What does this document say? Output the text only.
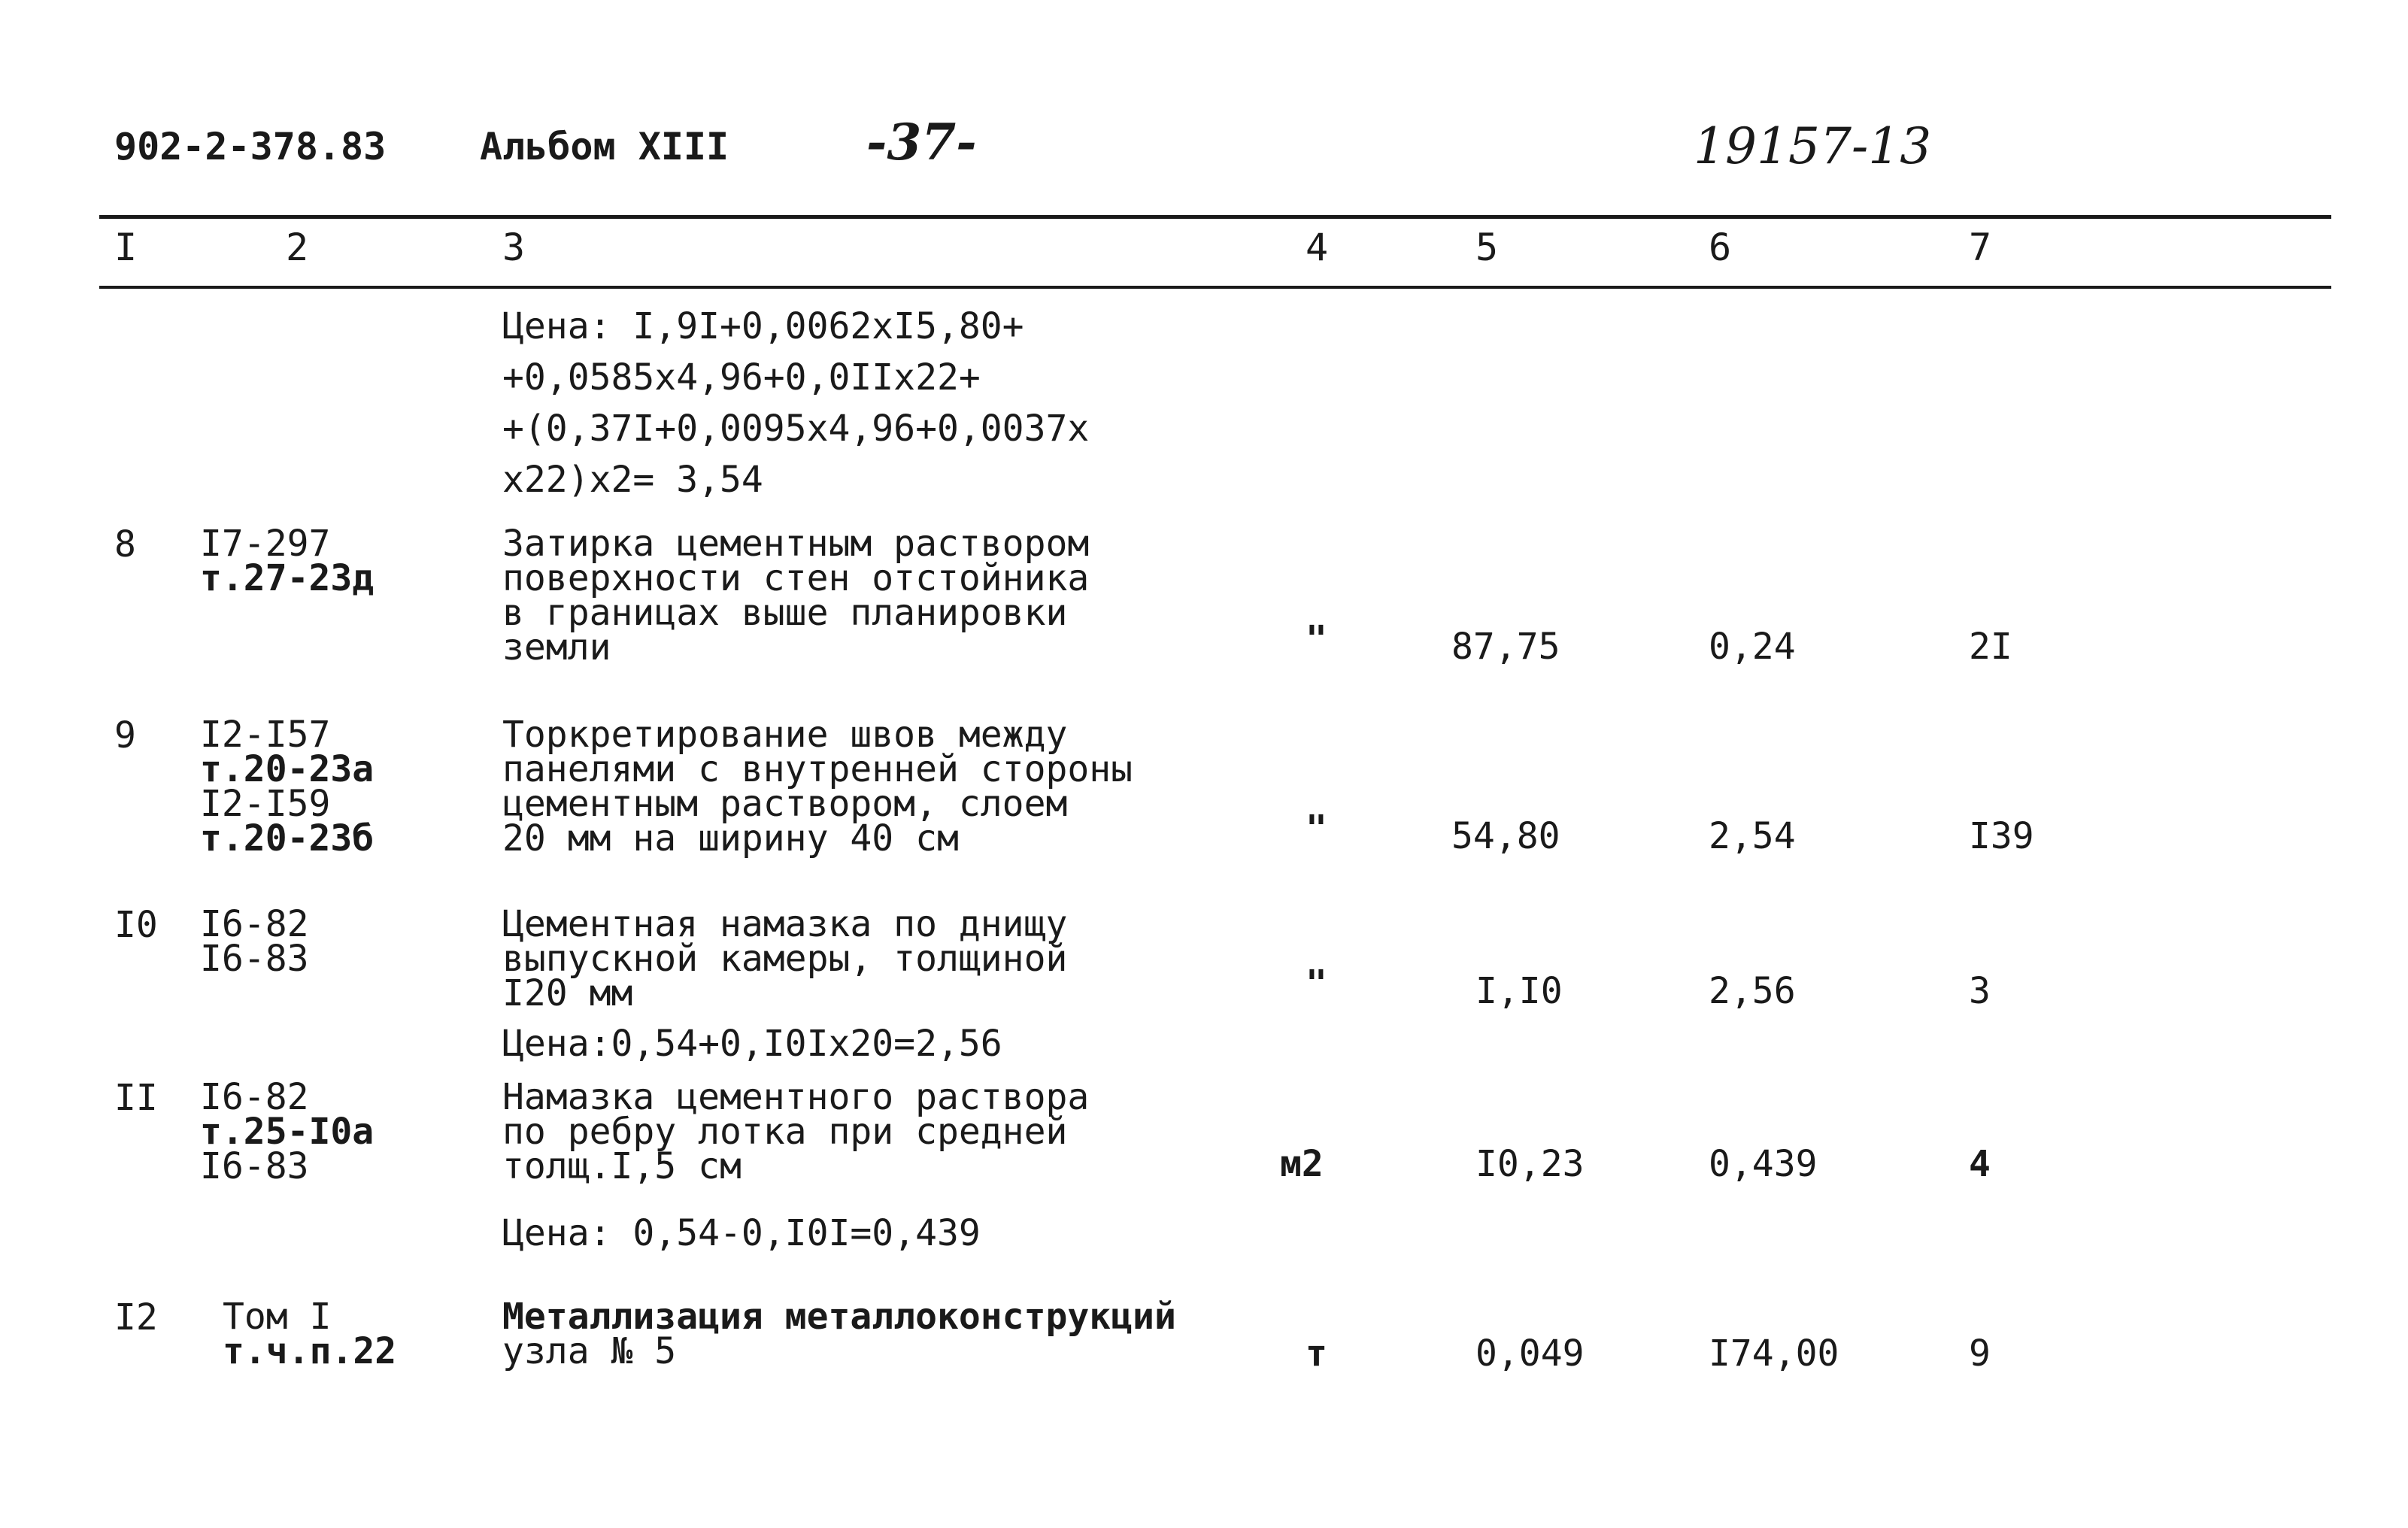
902-2-378.83 Альбом XIII	-37-	19157-13
I	2	3	4	5	6	7
Цена: I,9I+0,0062xI5,80+
+0,0585x4,96+0,0IIx22+
+(0,37I+0,0095x4,96+0,0037x
x22)x2= 3,54
8 I7-297
т.27-23д
Затирка цементным раствором
поверхности стен отстойника
в границах выше планировки
земли	"	87,75	0,24	2I
9 I2-I57
т.20-23а
I2-I59
т.20-23б
Торкретирование швов между
панелями с внутренней стороны
цементным раствором, слоем
20 мм на ширину 40 см	"	54,80	2,54	I39
I0 I6-82
I6-83
Цементная намазка по днищу
выпускной камеры, толщиной
I20 мм
Цена:0,54+0,I0Ix20=2,56
"	I,I0	2,56	3
II I6-82
т.25-I0а
I6-83
Намазка цементного раствора
по ребру лотка при средней
толщ.I,5 см	м2	I0,23	0,439	4
Цена: 0,54-0,I0I=0,439
I2 Том I
т.ч.п.22
Металлизация металлоконструкций
узла № 5	т	0,049	I74,00	9
